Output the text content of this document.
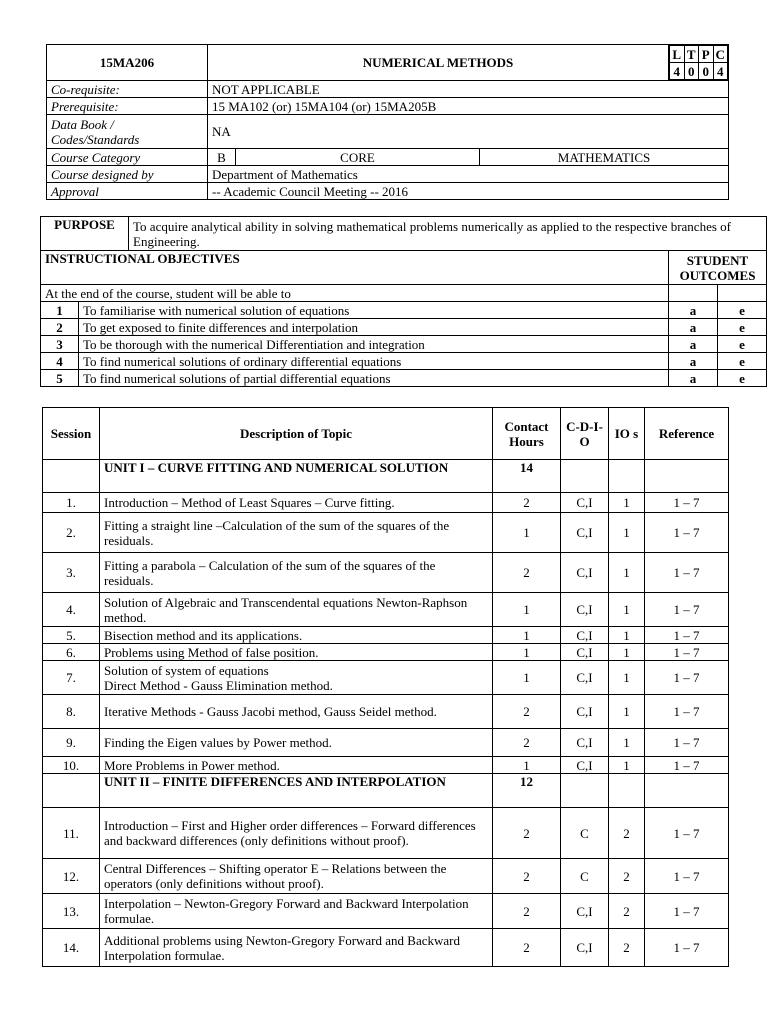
15MA206	NUMERICAL METHODS	
L	T	P	C
4	0	0	4

Co-requisite:	NOT APPLICABLE
Prerequisite:	15 MA102 (or) 15MA104 (or) 15MA205B
Data Book / Codes/Standards	NA
Course Category	B	CORE	MATHEMATICS
Course designed by	Department of Mathematics
Approval	-- Academic Council Meeting -- 2016
PURPOSE		To acquire analytical ability in solving mathematical problems numerically as applied to the respective branches of Engineering.		
INSTRUCTIONAL OBJECTIVES			STUDENT OUTCOMES	
At the end of the course, student will be able to				
1	To familiarise with numerical solution of equations		a	e
2	To get exposed to finite differences and interpolation		a	e
3	To be thorough with the numerical Differentiation and integration		a	e
4	To find numerical solutions of ordinary differential equations		a	e
5	To find numerical solutions of partial differential equations		a	e
Session	Description of Topic	Contact Hours	C-D-I-O	IO s	Reference
	UNIT I – CURVE FITTING AND NUMERICAL SOLUTION	14			
1.	Introduction – Method of Least Squares – Curve fitting.	2	C,I	1	1 – 7
2.	Fitting a straight line –Calculation of the sum of the squares of the residuals.	1	C,I	1	1 – 7
3.	Fitting a parabola – Calculation of the sum of the squares of the residuals.	2	C,I	1	1 – 7
4.	Solution of Algebraic and Transcendental equations Newton-Raphson method.	1	C,I	1	1 – 7
5.	Bisection method and its applications.	1	C,I	1	1 – 7
6.	Problems using Method of false position.	1	C,I	1	1 – 7
7.	Solution of system of equations
Direct Method - Gauss Elimination method.	1	C,I	1	1 – 7
8.	Iterative Methods - Gauss Jacobi method, Gauss Seidel method.	2	C,I	1	1 – 7
9.	Finding the Eigen values by Power method.	2	C,I	1	1 – 7
10.	More Problems in Power method.	1	C,I	1	1 – 7
	UNIT II – FINITE DIFFERENCES AND INTERPOLATION	12			
11.	Introduction – First and Higher order differences – Forward differences and backward differences (only definitions without proof).	2	C	2	1 – 7
12.	Central Differences – Shifting operator E – Relations between the operators (only definitions without proof).	2	C	2	1 – 7
13.	Interpolation – Newton-Gregory Forward and Backward Interpolation formulae.	2	C,I	2	1 – 7
14.	Additional problems using Newton-Gregory Forward and Backward Interpolation formulae.	2	C,I	2	1 – 7
